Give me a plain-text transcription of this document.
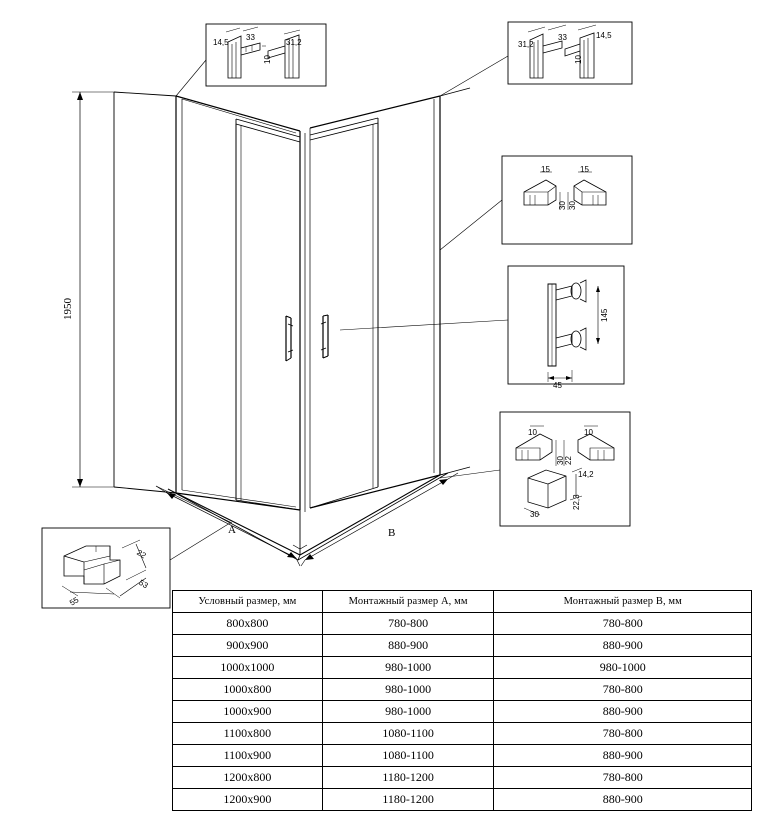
1950
A	B
14,5
33
31,2
10
31,2
33	14,5
10
15	15
30 30
145
45
10	10
14,2
30
22,3
22
30
22
55
53
Условный размер, мм	Монтажный размер A, мм	Монтажный размер B, мм
800x800	780-800	780-800
900x900	880-900	880-900
1000x1000	980-1000	980-1000
1000x800	980-1000	780-800
1000x900	980-1000	880-900
1100x800	1080-1100	780-800
1100x900	1080-1100	880-900
1200x800	1180-1200	780-800
1200x900	1180-1200	880-900
